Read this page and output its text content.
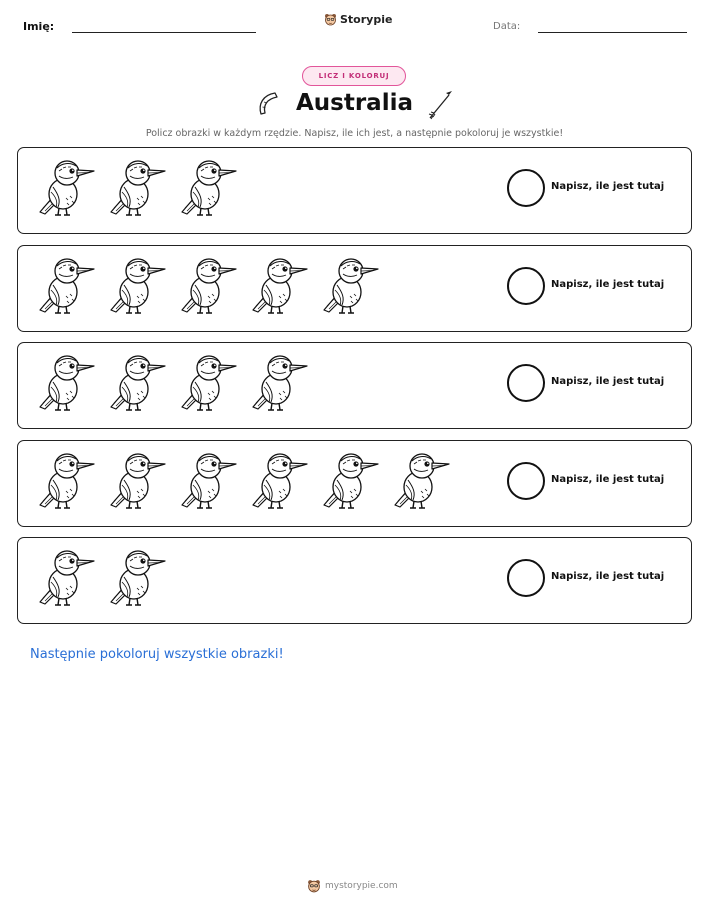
Imię:
Storypie
Data:
LICZ I KOLORUJ
Australia
Policz obrazki w każdym rzędzie. Napisz, ile ich jest, a następnie pokoloruj je wszystkie!
Napisz, ile jest tutaj
Napisz, ile jest tutaj
Napisz, ile jest tutaj
Napisz, ile jest tutaj
Napisz, ile jest tutaj
Następnie pokoloruj wszystkie obrazki!
mystorypie.com
